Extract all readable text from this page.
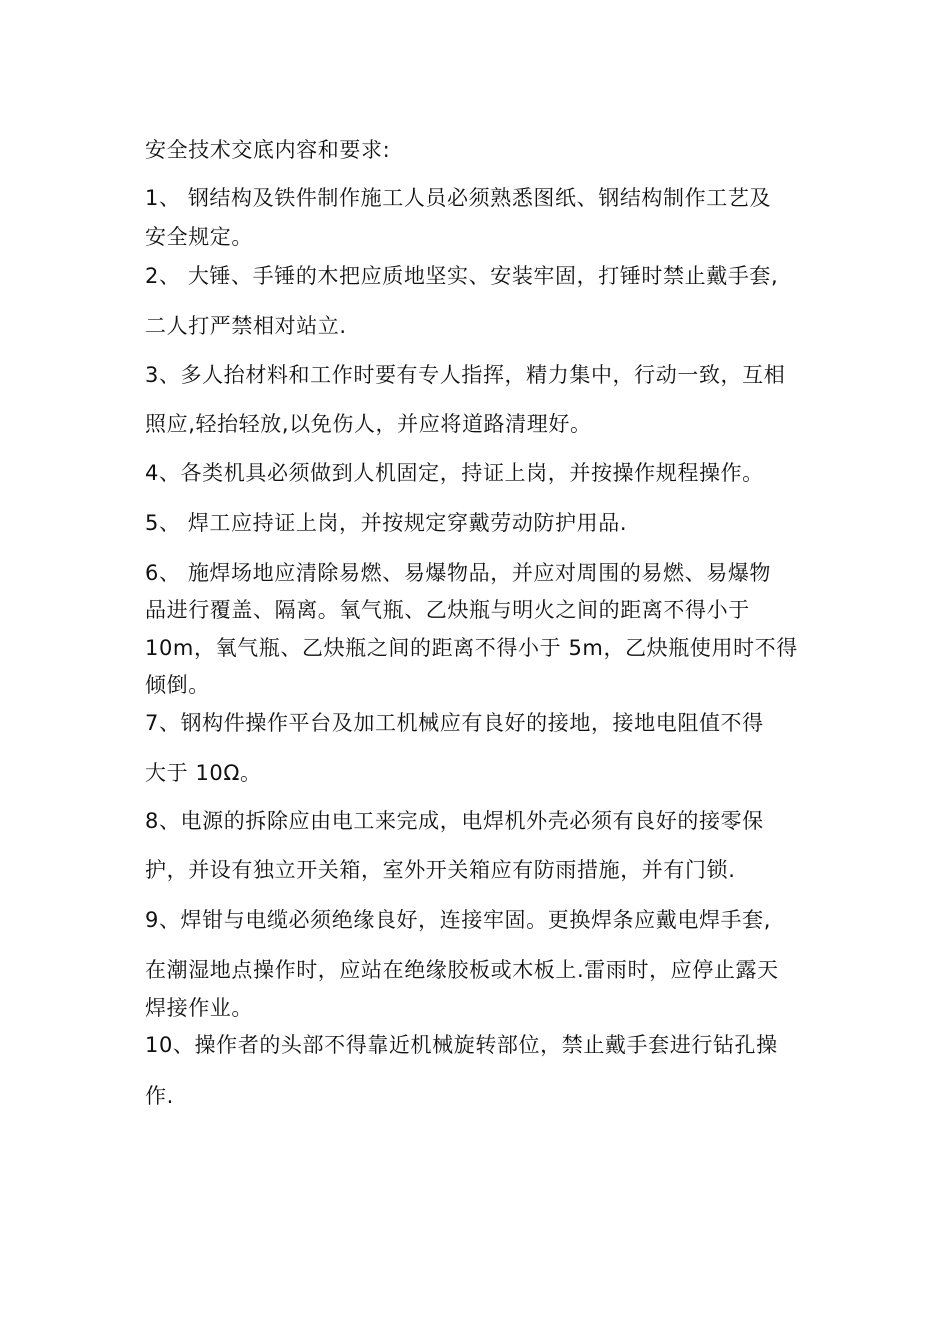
安全技术交底内容和要求:
1、 钢结构及铁件制作施工人员必须熟悉图纸、钢结构制作工艺及
安全规定。
2、 大锤、手锤的木把应质地坚实、安装牢固，打锤时禁止戴手套,
二人打严禁相对站立.
3、多人抬材料和工作时要有专人指挥，精力集中，行动一致，互相
照应,轻抬轻放,以免伤人，并应将道路清理好。
4、各类机具必须做到人机固定，持证上岗，并按操作规程操作。
5、 焊工应持证上岗，并按规定穿戴劳动防护用品.
6、 施焊场地应清除易燃、易爆物品，并应对周围的易燃、易爆物
品进行覆盖、隔离。氧气瓶、乙炔瓶与明火之间的距离不得小于
10m，氧气瓶、乙炔瓶之间的距离不得小于 5m，乙炔瓶使用时不得
倾倒。
7、钢构件操作平台及加工机械应有良好的接地，接地电阻值不得
大于 10Ω。
8、电源的拆除应由电工来完成，电焊机外壳必须有良好的接零保
护，并设有独立开关箱，室外开关箱应有防雨措施，并有门锁.
9、焊钳与电缆必须绝缘良好，连接牢固。更换焊条应戴电焊手套,
在潮湿地点操作时，应站在绝缘胶板或木板上.雷雨时，应停止露天
焊接作业。
10、操作者的头部不得靠近机械旋转部位，禁止戴手套进行钻孔操
作.
